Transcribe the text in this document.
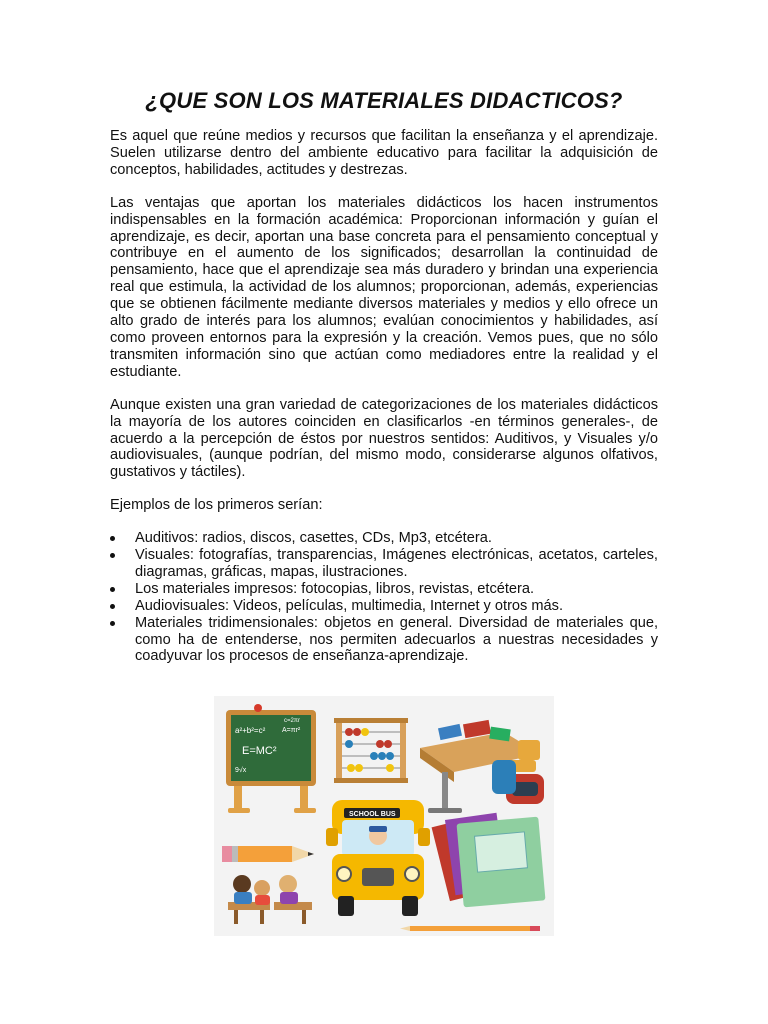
¿QUE SON LOS MATERIALES DIDACTICOS?

Es aquel que reúne medios y recursos que facilitan la enseñanza y el aprendizaje. Suelen utilizarse dentro del ambiente educativo para facilitar la adquisición de conceptos, habilidades, actitudes y destrezas.

Las ventajas que aportan los materiales didácticos los hacen instrumentos indispensables en la formación académica: Proporcionan información y guían el aprendizaje, es decir, aportan una base concreta para el pensamiento conceptual y contribuye en el aumento de los significados; desarrollan la continuidad de pensamiento, hace que el aprendizaje sea más duradero y brindan una experiencia real que estimula, la actividad de los alumnos; proporcionan, además, experiencias que se obtienen fácilmente mediante diversos materiales y medios y ello ofrece un alto grado de interés para los alumnos; evalúan conocimientos y habilidades, así como proveen entornos para la expresión y la creación. Vemos pues, que no sólo transmiten información sino que actúan como mediadores entre la realidad y el estudiante.

Aunque existen una gran variedad de categorizaciones de los materiales didácticos la mayoría de los autores coinciden en clasificarlos -en términos generales-, de acuerdo a la percepción de éstos por nuestros sentidos: Auditivos, y Visuales y/o audiovisuales, (aunque podrían, del mismo modo, considerarse algunos olfativos, gustativos y táctiles).

Ejemplos de los primeros serían:

Auditivos: radios, discos, casettes, CDs, Mp3, etcétera.
Visuales: fotografías, transparencias, Imágenes electrónicas, acetatos, carteles, diagramas, gráficas, mapas, ilustraciones.
Los materiales impresos: fotocopias, libros, revistas, etcétera.
Audiovisuales: Videos, películas, multimedia, Internet y otros más.
Materiales tridimensionales: objetos en general. Diversidad de materiales que, como ha de entenderse, nos permiten adecuarlos a nuestras necesidades y coadyuvar los procesos de enseñanza-aprendizaje.
a²+b²=c²
E=MC²
A=πr²
c=2πr
9√x
SCHOOL BUS
